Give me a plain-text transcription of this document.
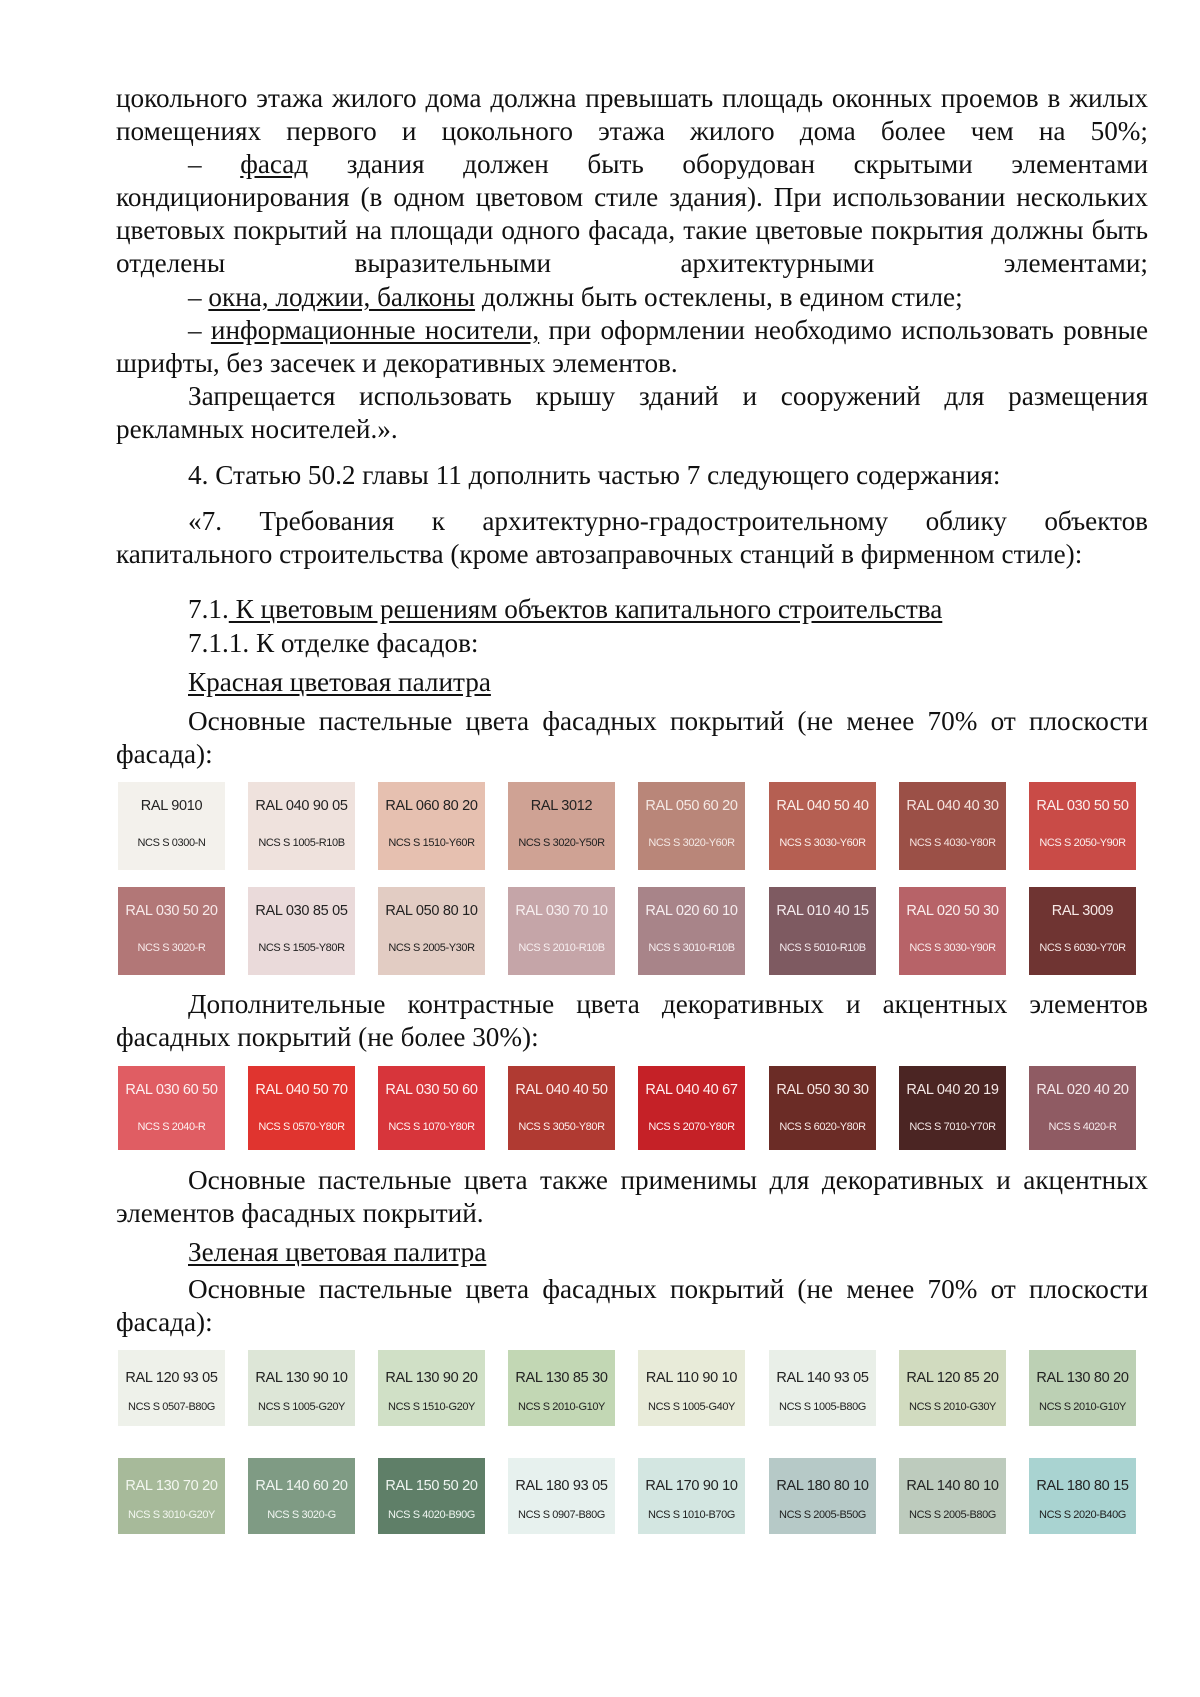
цокольного этажа жилого дома должна превышать площадь оконных проемов в жилых помещениях первого и цокольного этажа жилого дома более чем на 50%;
– фасад здания должен быть оборудован скрытыми элементами кондиционирования (в одном цветовом стиле здания). При использовании нескольких цветовых покрытий на площади одного фасада, такие цветовые покрытия должны быть отделены выразительными архитектурными элементами;
– окна, лоджии, балконы должны быть остеклены, в едином стиле;
– информационные носители, при оформлении необходимо использовать ровные шрифты, без засечек и декоративных элементов.
Запрещается использовать крышу зданий и сооружений для размещения рекламных носителей.».
4. Статью 50.2 главы 11 дополнить частью 7 следующего содержания:
«7. Требования к архитектурно-градостроительному облику объектов капитального строительства (кроме автозаправочных станций в фирменном стиле):
7.1. К цветовым решениям объектов капитального строительства
7.1.1. К отделке фасадов:
Красная цветовая палитра
Основные пастельные цвета фасадных покрытий (не менее 70% от плоскости фасада):
RAL 9010
NCS S 0300-N
RAL 040 90 05
NCS S 1005-R10B
RAL 060 80 20
NCS S 1510-Y60R
RAL 3012
NCS S 3020-Y50R
RAL 050 60 20
NCS S 3020-Y60R
RAL 040 50 40
NCS S 3030-Y60R
RAL 040 40 30
NCS S 4030-Y80R
RAL 030 50 50
NCS S 2050-Y90R
RAL 030 50 20
NCS S 3020-R
RAL 030 85 05
NCS S 1505-Y80R
RAL 050 80 10
NCS S 2005-Y30R
RAL 030 70 10
NCS S 2010-R10B
RAL 020 60 10
NCS S 3010-R10B
RAL 010 40 15
NCS S 5010-R10B
RAL 020 50 30
NCS S 3030-Y90R
RAL 3009
NCS S 6030-Y70R
Дополнительные контрастные цвета декоративных и акцентных элементов фасадных покрытий (не более 30%):
RAL 030 60 50
NCS S 2040-R
RAL 040 50 70
NCS S 0570-Y80R
RAL 030 50 60
NCS S 1070-Y80R
RAL 040 40 50
NCS S 3050-Y80R
RAL 040 40 67
NCS S 2070-Y80R
RAL 050 30 30
NCS S 6020-Y80R
RAL 040 20 19
NCS S 7010-Y70R
RAL 020 40 20
NCS S 4020-R
Основные пастельные цвета также применимы для декоративных и акцентных элементов фасадных покрытий.
Зеленая цветовая палитра
Основные пастельные цвета фасадных покрытий (не менее 70% от плоскости фасада):
RAL 120 93 05
NCS S 0507-B80G
RAL 130 90 10
NCS S 1005-G20Y
RAL 130 90 20
NCS S 1510-G20Y
RAL 130 85 30
NCS S 2010-G10Y
RAL 110 90 10
NCS S 1005-G40Y
RAL 140 93 05
NCS S 1005-B80G
RAL 120 85 20
NCS S 2010-G30Y
RAL 130 80 20
NCS S 2010-G10Y
RAL 130 70 20
NCS S 3010-G20Y
RAL 140 60 20
NCS S 3020-G
RAL 150 50 20
NCS S 4020-B90G
RAL 180 93 05
NCS S 0907-B80G
RAL 170 90 10
NCS S 1010-B70G
RAL 180 80 10
NCS S 2005-B50G
RAL 140 80 10
NCS S 2005-B80G
RAL 180 80 15
NCS S 2020-B40G
